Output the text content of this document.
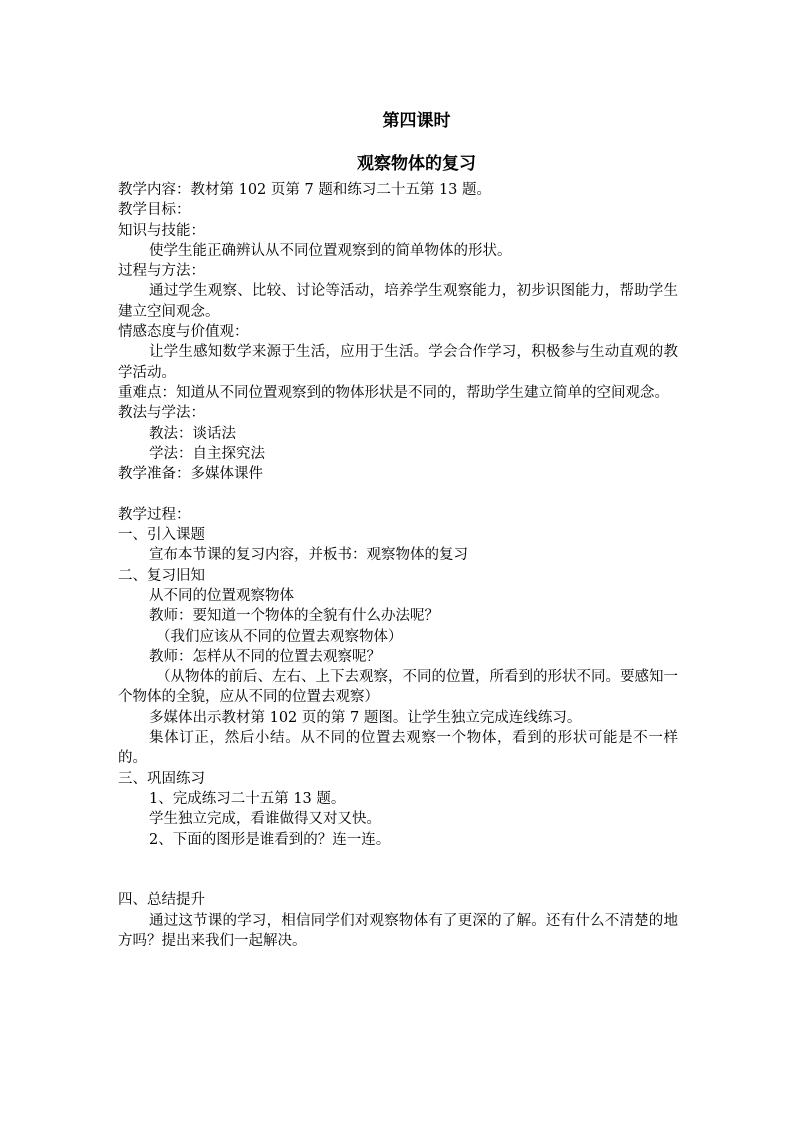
第四课时
观察物体的复习

教学内容：教材第 102 页第 7 题和练习二十五第 13 题。

教学目标：

知识与技能：

使学生能正确辨认从不同位置观察到的简单物体的形状。

过程与方法：

通过学生观察、比较、讨论等活动，培养学生观察能力，初步识图能力，帮助学生建立空间观念。

情感态度与价值观：

让学生感知数学来源于生活，应用于生活。学会合作学习，积极参与生动直观的教学活动。

重难点：知道从不同位置观察到的物体形状是不同的，帮助学生建立简单的空间观念。

教法与学法：

教法：谈话法

学法：自主探究法

教学准备：多媒体课件

教学过程：

一、引入课题

宣布本节课的复习内容，并板书：观察物体的复习

二、复习旧知

从不同的位置观察物体

教师：要知道一个物体的全貌有什么办法呢？

（我们应该从不同的位置去观察物体）

教师：怎样从不同的位置去观察呢？

（从物体的前后、左右、上下去观察，不同的位置，所看到的形状不同。要感知一个物体的全貌，应从不同的位置去观察）

多媒体出示教材第 102 页的第 7 题图。让学生独立完成连线练习。

集体订正，然后小结。从不同的位置去观察一个物体，看到的形状可能是不一样的。

三、巩固练习

1、完成练习二十五第 13 题。

学生独立完成，看谁做得又对又快。

2、下面的图形是谁看到的？连一连。

四、总结提升

通过这节课的学习，相信同学们对观察物体有了更深的了解。还有什么不清楚的地方吗？提出来我们一起解决。
